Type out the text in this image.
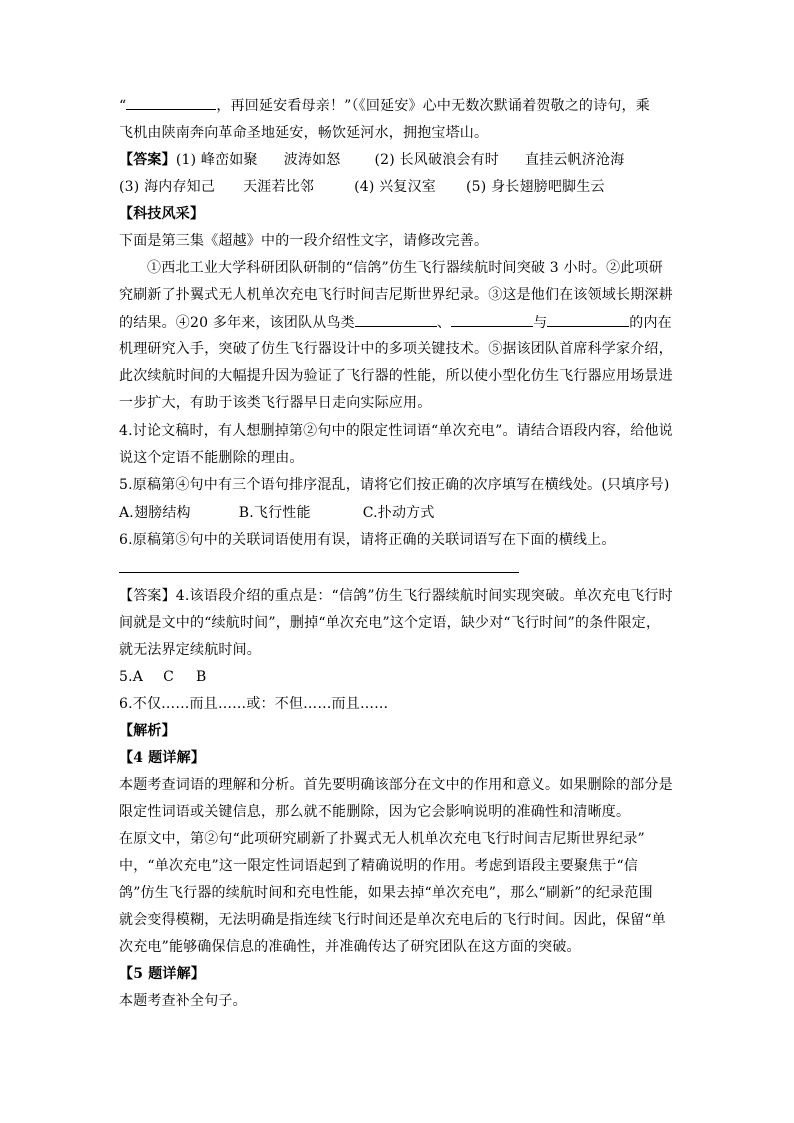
“	，再回延安看母亲！”（《回延安》心中无数次默诵着贺敬之的诗句，乘
飞机由陕南奔向革命圣地延安，畅饮延河水，拥抱宝塔山。
【答案】(1) 峰峦如聚 波涛如怒 (2) 长风破浪会有时 直挂云帆济沧海
(3) 海内存知己 天涯若比邻	(4) 兴复汉室 (5) 身长翅膀吧脚生云
【科技风采】
下面是第三集《超越》中的一段介绍性文字，请修改完善。
①西北工业大学科研团队研制的“信鸽”仿生飞行器续航时间突破 3 小时。②此项研
究刷新了扑翼式无人机单次充电飞行时间吉尼斯世界纪录。③这是他们在该领域长期深耕
的结果。④20 多年来，该团队从鸟类	、	与	的内在
机理研究入手，突破了仿生飞行器设计中的多项关键技术。⑤据该团队首席科学家介绍，
此次续航时间的大幅提升因为验证了飞行器的性能，所以使小型化仿生飞行器应用场景进
一步扩大，有助于该类飞行器早日走向实际应用。
4.讨论文稿时，有人想删掉第②句中的限定性词语“单次充电”。请结合语段内容，给他说
说这个定语不能删除的理由。
5.原稿第④句中有三个语句排序混乱，请将它们按正确的次序填写在横线处。(只填序号)
A.翅膀结构	B.飞行性能	C.扑动方式
6.原稿第⑤句中的关联词语使用有误，请将正确的关联词语写在下面的横线上。
【答案】4.该语段介绍的重点是：“信鸽”仿生飞行器续航时间实现突破。单次充电飞行时
间就是文中的“续航时间”，删掉“单次充电”这个定语，缺少对“飞行时间”的条件限定，
就无法界定续航时间。
5.A C B
6.不仅……而且……或：不但……而且……
【解析】
【4 题详解】
本题考查词语的理解和分析。首先要明确该部分在文中的作用和意义。如果删除的部分是
限定性词语或关键信息，那么就不能删除，因为它会影响说明的准确性和清晰度。
在原文中，第②句“此项研究刷新了扑翼式无人机单次充电飞行时间吉尼斯世界纪录”
中，“单次充电”这一限定性词语起到了精确说明的作用。考虑到语段主要聚焦于“信
鸽”仿生飞行器的续航时间和充电性能，如果去掉“单次充电”，那么“刷新”的纪录范围
就会变得模糊，无法明确是指连续飞行时间还是单次充电后的飞行时间。因此，保留“单
次充电”能够确保信息的准确性，并准确传达了研究团队在这方面的突破。
【5 题详解】
本题考查补全句子。
